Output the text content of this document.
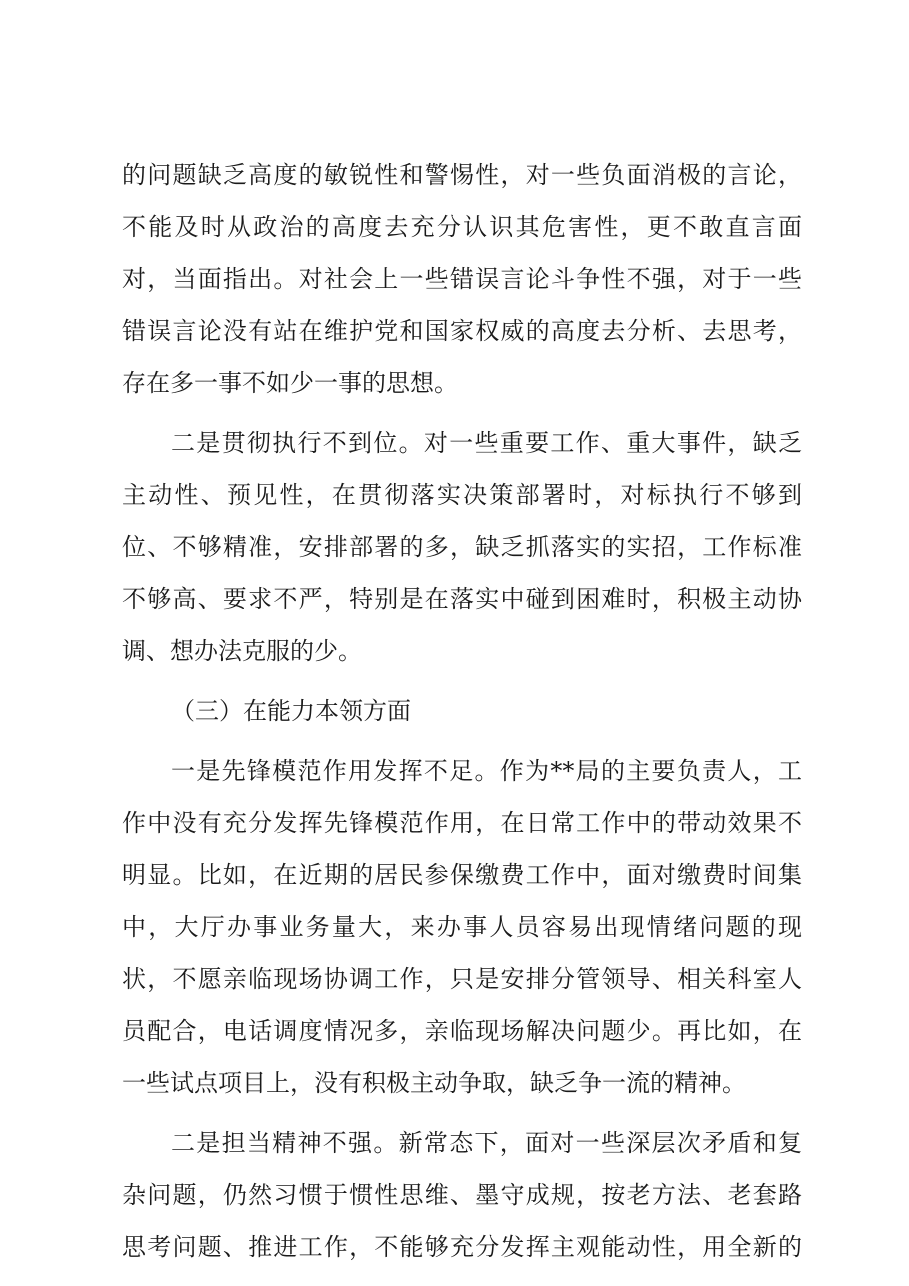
的问题缺乏高度的敏锐性和警惕性，对一些负面消极的言论，
不能及时从政治的高度去充分认识其危害性，更不敢直言面
对，当面指出。对社会上一些错误言论斗争性不强，对于一些
错误言论没有站在维护党和国家权威的高度去分析、去思考，
存在多一事不如少一事的思想。
二是贯彻执行不到位。对一些重要工作、重大事件，缺乏
主动性、预见性，在贯彻落实决策部署时，对标执行不够到
位、不够精准，安排部署的多，缺乏抓落实的实招，工作标准
不够高、要求不严，特别是在落实中碰到困难时，积极主动协
调、想办法克服的少。
（三）在能力本领方面
一是先锋模范作用发挥不足。作为**局的主要负责人，工
作中没有充分发挥先锋模范作用，在日常工作中的带动效果不
明显。比如，在近期的居民参保缴费工作中，面对缴费时间集
中，大厅办事业务量大，来办事人员容易出现情绪问题的现
状，不愿亲临现场协调工作，只是安排分管领导、相关科室人
员配合，电话调度情况多，亲临现场解决问题少。再比如，在
一些试点项目上，没有积极主动争取，缺乏争一流的精神。
二是担当精神不强。新常态下，面对一些深层次矛盾和复
杂问题，仍然习惯于惯性思维、墨守成规，按老方法、老套路
思考问题、推进工作，不能够充分发挥主观能动性，用全新的
